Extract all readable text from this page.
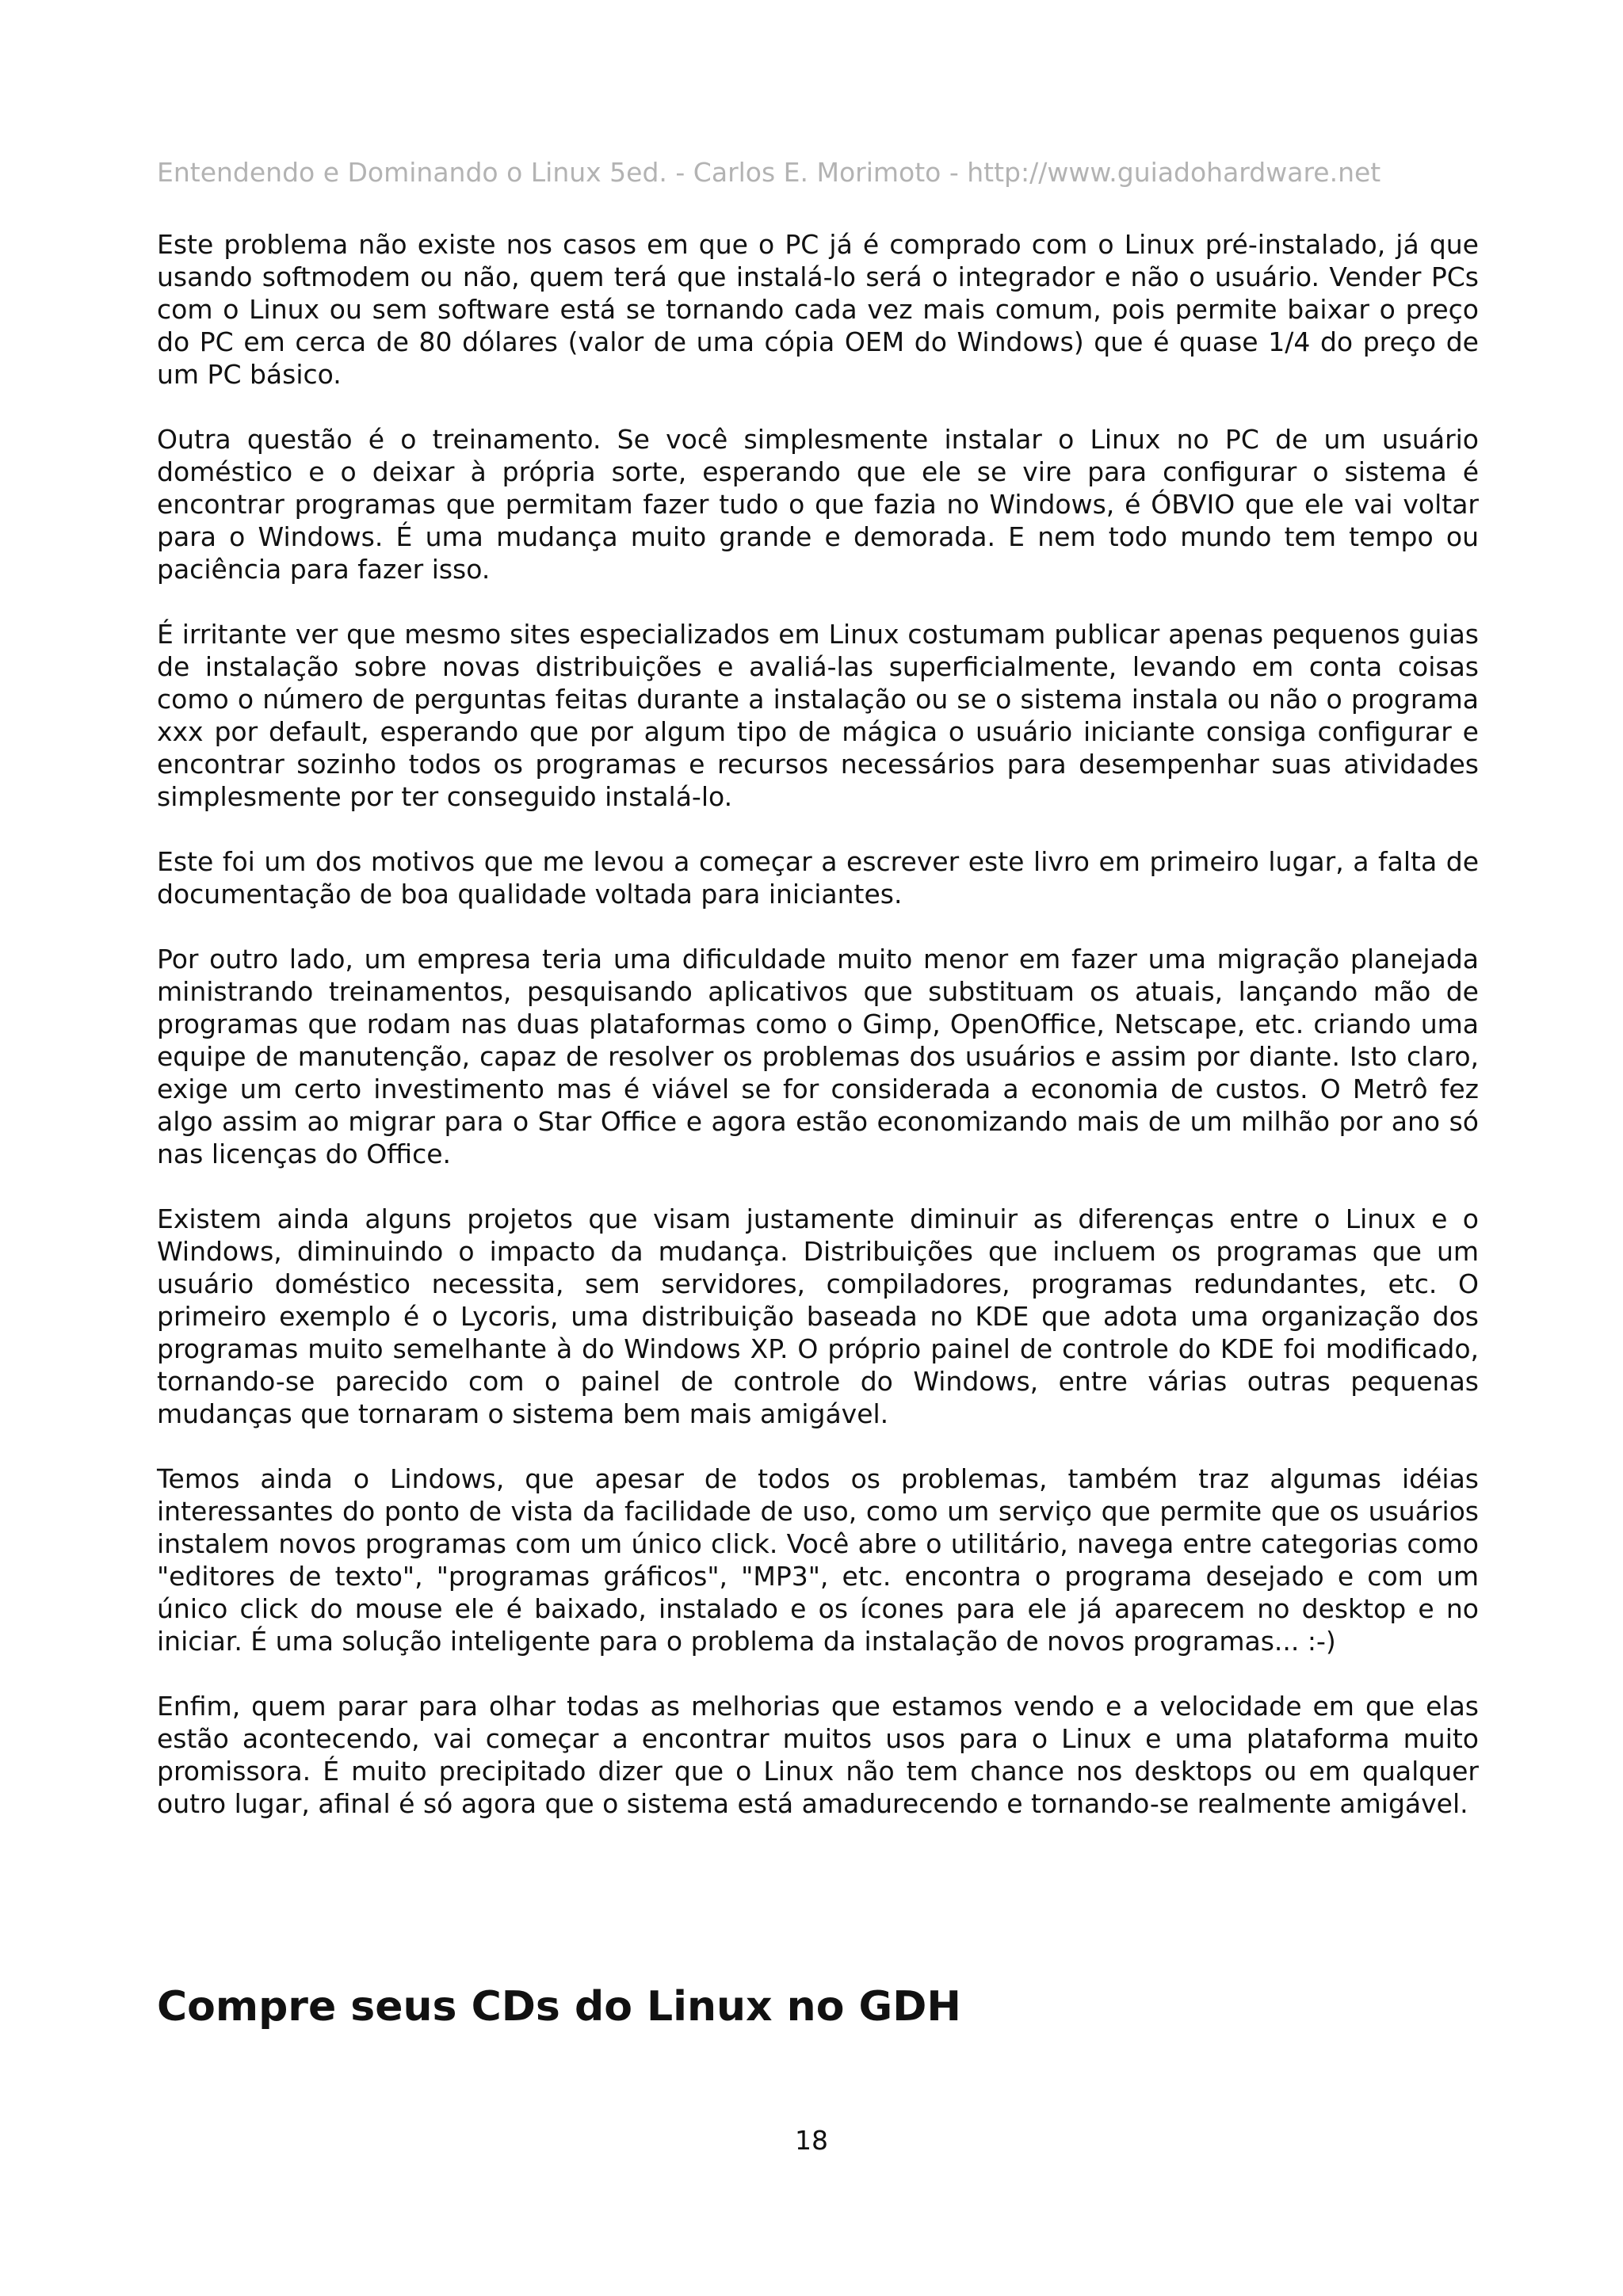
Entendendo e Dominando o Linux 5ed. - Carlos E. Morimoto - http://www.guiadohardware.net

Este problema não existe nos casos em que o PC já é comprado com o Linux pré-instalado, já que usando softmodem ou não, quem terá que instalá-lo será o integrador e não o usuário. Vender PCs com o Linux ou sem software está se tornando cada vez mais comum, pois permite baixar o preço do PC em cerca de 80 dólares (valor de uma cópia OEM do Windows) que é quase 1/4 do preço de um PC básico.

Outra questão é o treinamento. Se você simplesmente instalar o Linux no PC de um usuário doméstico e o deixar à própria sorte, esperando que ele se vire para configurar o sistema é encontrar programas que permitam fazer tudo o que fazia no Windows, é ÓBVIO que ele vai voltar para o Windows. É uma mudança muito grande e demorada. E nem todo mundo tem tempo ou paciência para fazer isso.

É irritante ver que mesmo sites especializados em Linux costumam publicar apenas pequenos guias de instalação sobre novas distribuições e avaliá-las superficialmente, levando em conta coisas como o número de perguntas feitas durante a instalação ou se o sistema instala ou não o programa xxx por default, esperando que por algum tipo de mágica o usuário iniciante consiga configurar e encontrar sozinho todos os programas e recursos necessários para desempenhar suas atividades simplesmente por ter conseguido instalá-lo.

Este foi um dos motivos que me levou a começar a escrever este livro em primeiro lugar, a falta de documentação de boa qualidade voltada para iniciantes.

Por outro lado, um empresa teria uma dificuldade muito menor em fazer uma migração planejada ministrando treinamentos, pesquisando aplicativos que substituam os atuais, lançando mão de programas que rodam nas duas plataformas como o Gimp, OpenOffice, Netscape, etc. criando uma equipe de manutenção, capaz de resolver os problemas dos usuários e assim por diante. Isto claro, exige um certo investimento mas é viável se for considerada a economia de custos. O Metrô fez algo assim ao migrar para o Star Office e agora estão economizando mais de um milhão por ano só nas licenças do Office.

Existem ainda alguns projetos que visam justamente diminuir as diferenças entre o Linux e o Windows, diminuindo o impacto da mudança. Distribuições que incluem os programas que um usuário doméstico necessita, sem servidores, compiladores, programas redundantes, etc. O primeiro exemplo é o Lycoris, uma distribuição baseada no KDE que adota uma organização dos programas muito semelhante à do Windows XP. O próprio painel de controle do KDE foi modificado, tornando-se parecido com o painel de controle do Windows, entre várias outras pequenas mudanças que tornaram o sistema bem mais amigável.

Temos ainda o Lindows, que apesar de todos os problemas, também traz algumas idéias interessantes do ponto de vista da facilidade de uso, como um serviço que permite que os usuários instalem novos programas com um único click. Você abre o utilitário, navega entre categorias como "editores de texto", "programas gráficos", "MP3", etc. encontra o programa desejado e com um único click do mouse ele é baixado, instalado e os ícones para ele já aparecem no desktop e no iniciar. É uma solução inteligente para o problema da instalação de novos programas... :-)

Enfim, quem parar para olhar todas as melhorias que estamos vendo e a velocidade em que elas estão acontecendo, vai começar a encontrar muitos usos para o Linux e uma plataforma muito promissora. É muito precipitado dizer que o Linux não tem chance nos desktops ou em qualquer outro lugar, afinal é só agora que o sistema está amadurecendo e tornando-se realmente amigável.

Compre seus CDs do Linux no GDH
18
